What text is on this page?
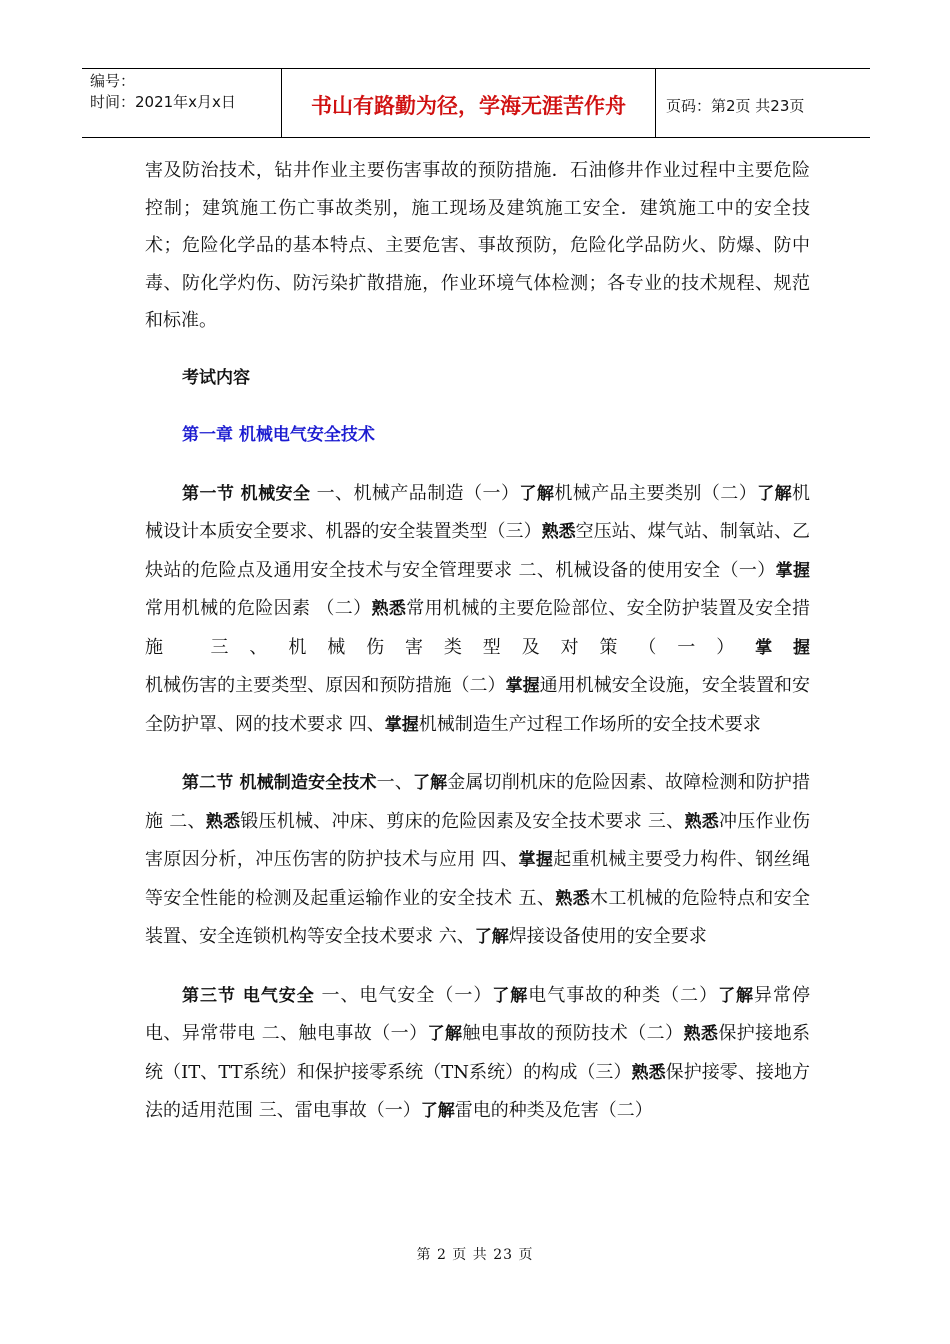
编号：
时间：2021年x月x日	书山有路勤为径，学海无涯苦作舟	页码：第2页 共23页

害及防治技术，钻井作业主要伤害事故的预防措施．石油修井作业过程中主要危险控制；建筑施工伤亡事故类别，施工现场及建筑施工安全．建筑施工中的安全技术；危险化学品的基本特点、主要危害、事故预防，危险化学品防火、防爆、防中毒、防化学灼伤、防污染扩散措施，作业环境气体检测；各专业的技术规程、规范和标准。

考试内容

第一章 机械电气安全技术

第一节 机械安全 一、机械产品制造（一）了解机械产品主要类别（二）了解机械设计本质安全要求、机器的安全装置类型（三）熟悉空压站、煤气站、制氧站、乙炔站的危险点及通用安全技术与安全管理要求 二、机械设备的使用安全（一）掌握常用机械的危险因素 （二）熟悉常用机械的主要危险部位、安全防护装置及安全措施 三、机械伤害类型及对策（一）掌握机械伤害的主要类型、原因和预防措施（二）掌握通用机械安全设施，安全装置和安全防护罩、网的技术要求 四、掌握机械制造生产过程工作场所的安全技术要求

第二节 机械制造安全技术一、了解金属切削机床的危险因素、故障检测和防护措施 二、熟悉锻压机械、冲床、剪床的危险因素及安全技术要求 三、熟悉冲压作业伤害原因分析，冲压伤害的防护技术与应用 四、掌握起重机械主要受力构件、钢丝绳等安全性能的检测及起重运输作业的安全技术 五、熟悉木工机械的危险特点和安全装置、安全连锁机构等安全技术要求 六、了解焊接设备使用的安全要求

第三节 电气安全 一、电气安全（一）了解电气事故的种类（二）了解异常停电、异常带电 二、触电事故（一）了解触电事故的预防技术（二）熟悉保护接地系统（IT、TT系统）和保护接零系统（TN系统）的构成（三）熟悉保护接零、接地方法的适用范围 三、雷电事故（一）了解雷电的种类及危害（二）

第 2 页 共 23 页
